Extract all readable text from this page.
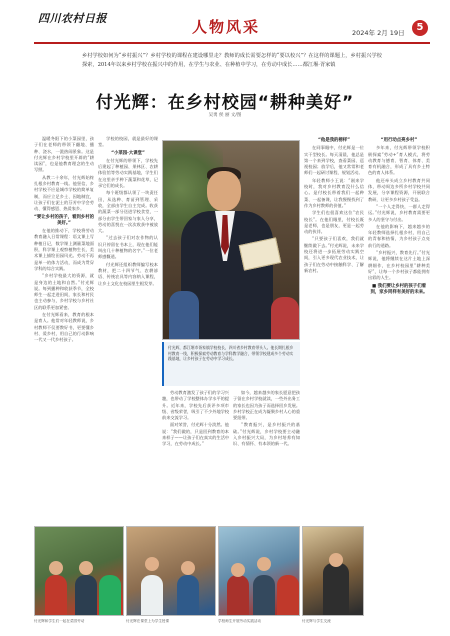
四川农村日报	人物风采	2024年 2月 19日	5
乡村学校如何为“乡村振兴”？乡村学校的课程在建设哪里走？教师的成长需要怎样的“要以校兴”？在这样的课题上，乡村振兴学校探索，2014年以来乡村学校在振兴中的作用，在学生与农业、在种植中学习，在劳动中成长……都江堰·胥家镇
付光辉：在乡村校园“耕种美好”
吴勇 侯 丽 文/图

温暖冬阳下的小菜园里，孩子们在老师的带领下翻地、播种、浇水，一派热闹景象。这是付光辉在乡村学校里开辟的“耕读园”，也是他教育理念的生动写照。

从教二十余年，付光辉始终扎根乡村教育一线。他坚信，乡村学校不应是城市学校的简单复制，而应立足乡土、因地制宜，让孩子们在泥土的芬芳中学会劳动、懂得感恩、热爱家乡。

“要让乡村的孩子，看到乡村的美好。”

在他的推动下，学校将劳动教育融入日常课程：语文课上写种植日记，数学课上测量菜地面积，科学课上观察植物生长，美术课上描绘田园风光。劳动不再是单一的体力活动，而成为贯穿学科的综合实践。

“乡村学校最大的资源，就是身边的土地和自然。”付光辉说。每到播种和收获季节，全校师生一起走进田间，家长和村民也主动参与，乡村学校与乡村社区的联系更加紧密。

在付光辉看来，教育的根本是育人。他常对年轻教师说，乡村教师不仅要教好书，更要懂乡村、爱乡村，用自己的行动影响一代又一代乡村孩子。

学校的校园，就是最好的课堂。

“小菜园·大课堂”

在付光辉的带领下，学校先后建起了种植园、果林区、农耕体验馆等劳动实践基地，学生们在这里亲手种下蔬菜和花草，记录它们的成长。

每个班级都认领了一块责任田，从选种、育苗到管理、采收，全部由学生自主完成。收获的蔬菜一部分送进学校食堂，一部分由学生带回家与家人分享，劳动的喜悦在一次次收获中被放大。

“过去孩子们对农作物的认识只停留在书本上，现在他们能叫出几十种植物的名字。”一位老师感慨道。

付光辉还组织教师编写校本教材，把二十四节气、农耕谚语、传统农具等内容纳入课程，让乡土文化在校园里生根发芽。

付光辉，都江堰市胥家镇学校校长，四川省乡村教育带头人。他长期扎根乡村教育一线，积极探索劳动教育与学科教学融合，带领学校建成多个劳动实践基地，让乡村孩子在劳动中学习成长。

劳动教育激发了孩子们的学习兴趣，也带动了学校整体办学水平的提升。近年来，学校先后获评多项市级、省级荣誉，吸引了不少外地学校前来交流学习。

面对荣誉，付光辉十分淡然。他说：“我们做的，只是回到教育的本来样子——让孩子们在真实的生活中学习，在劳动中成长。”

如今，越来越多的家长愿意把孩子留在乡村学校就读，一些外出务工的家长也因为孩子而选择回乡发展。乡村学校正在成为凝聚乡村人心的重要纽带。

“教育振兴，是乡村振兴的基础。”付光辉说，乡村学校要主动融入乡村振兴大局，为乡村培养有知识、有情怀、有本领的新一代。

“他是我的榜样”

在同事眼中，付光辉是一位实干型校长。每天清晨，他总是第一个来到学校，查看菜园、巡视校园；放学后，他又常常和老师们一起研讨课程、规划活动。

年轻教师小王说：“刚来学校时，我对乡村教育没什么信心。是付校长带着我们一起种菜、一起备课，让我慢慢找到了作为乡村教师的价值。”

学生们也很喜欢这位“农民校长”。在他们眼里，付校长既是老师，也是朋友，更是一起劳动的伙伴。

“只要孩子们喜欢，我们就继续做下去。”付光辉说，未来学校还将进一步拓展劳动实践空间，引入更多现代农业技术，让孩子们在劳动中接触科学、了解新农村。

“用行动点亮乡村”

多年来，付光辉带领学校积极探索“劳动+”育人模式，将劳动教育与德育、智育、体育、美育有机融合，形成了具有乡土特色的育人体系。

他还牵头成立乡村教育共同体，带动周边多所乡村学校共同发展，分享课程资源，开展联合教研，让更多乡村孩子受益。

“一个人走得快，一群人走得远。”付光辉说，乡村教育需要更多人的坚守与付出。

在他的影响下，越来越多的年轻教师选择扎根乡村，用自己的青春和热情，为乡村孩子点亮前行的道路。

“乡村振兴，教育先行。”付光辉说，他将继续在这片土地上深耕细作，在乡村校园里“耕种美好”，让每一个乡村孩子都能拥有出彩的人生。

■ 我们要让乡村的孩子们看到，家乡同样有美好的未来。

付光辉和学生们一起在菜园劳动	付光辉在课堂上为学生授课	学校师生开展劳动实践活动	付光辉与学生交流
